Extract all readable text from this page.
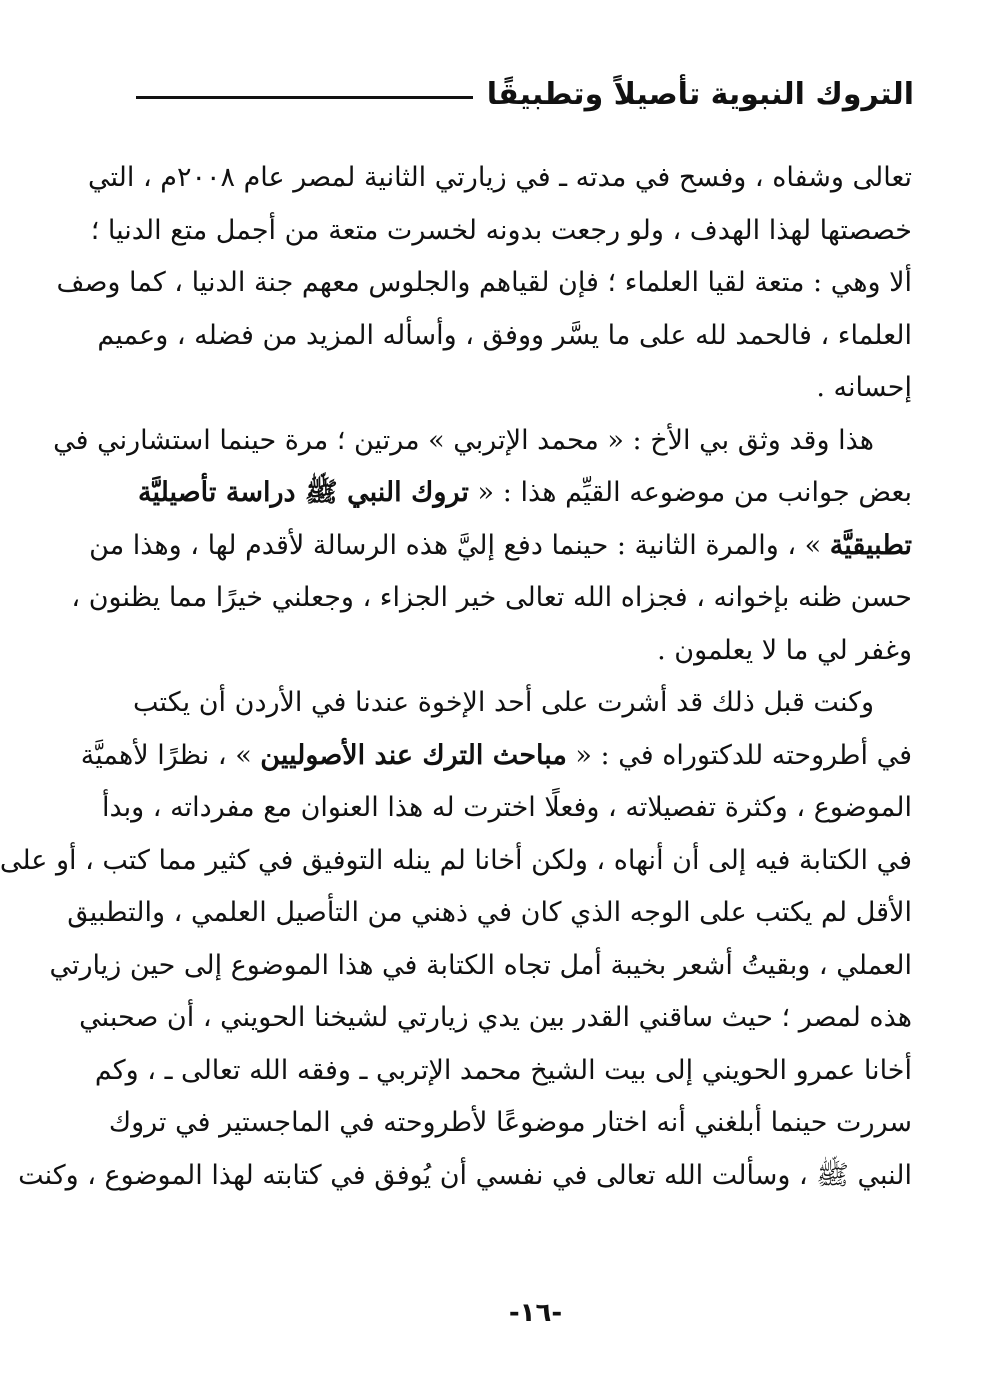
التروك النبوية تأصيلاً وتطبيقًا

تعالى وشفاه ، وفسح في مدته ـ في زيارتي الثانية لمصر عام ٢٠٠٨م ، التي
خصصتها لهذا الهدف ، ولو رجعت بدونه لخسرت متعة من أجمل متع الدنيا ؛
ألا وهي : متعة لقيا العلماء ؛ فإن لقياهم والجلوس معهم جنة الدنيا ، كما وصف
العلماء ، فالحمد لله على ما يسَّر ووفق ، وأسأله المزيد من فضله ، وعميم
إحسانه .

هذا وقد وثق بي الأخ : « محمد الإتربي » مرتين ؛ مرة حينما استشارني في
بعض جوانب من موضوعه القيِّم هذا : « تروك النبي ﷺ دراسة تأصيليَّة
تطبيقيَّة » ، والمرة الثانية : حينما دفع إليَّ هذه الرسالة لأقدم لها ، وهذا من
حسن ظنه بإخوانه ، فجزاه الله تعالى خير الجزاء ، وجعلني خيرًا مما يظنون ،
وغفر لي ما لا يعلمون .

وكنت قبل ذلك قد أشرت على أحد الإخوة عندنا في الأردن أن يكتب
في أطروحته للدكتوراه في : « مباحث الترك عند الأصوليين » ، نظرًا لأهميَّة
الموضوع ، وكثرة تفصيلاته ، وفعلًا اخترت له هذا العنوان مع مفرداته ، وبدأ
في الكتابة فيه إلى أن أنهاه ، ولكن أخانا لم ينله التوفيق في كثير مما كتب ، أو على
الأقل لم يكتب على الوجه الذي كان في ذهني من التأصيل العلمي ، والتطبيق
العملي ، وبقيتُ أشعر بخيبة أمل تجاه الكتابة في هذا الموضوع إلى حين زيارتي
هذه لمصر ؛ حيث ساقني القدر بين يدي زيارتي لشيخنا الحويني ، أن صحبني
أخانا عمرو الحويني إلى بيت الشيخ محمد الإتربي ـ وفقه الله تعالى ـ ، وكم
سررت حينما أبلغني أنه اختار موضوعًا لأطروحته في الماجستير في تروك
النبي ﷺ ، وسألت الله تعالى في نفسي أن يُوفق في كتابته لهذا الموضوع ، وكنت

-١٦-
